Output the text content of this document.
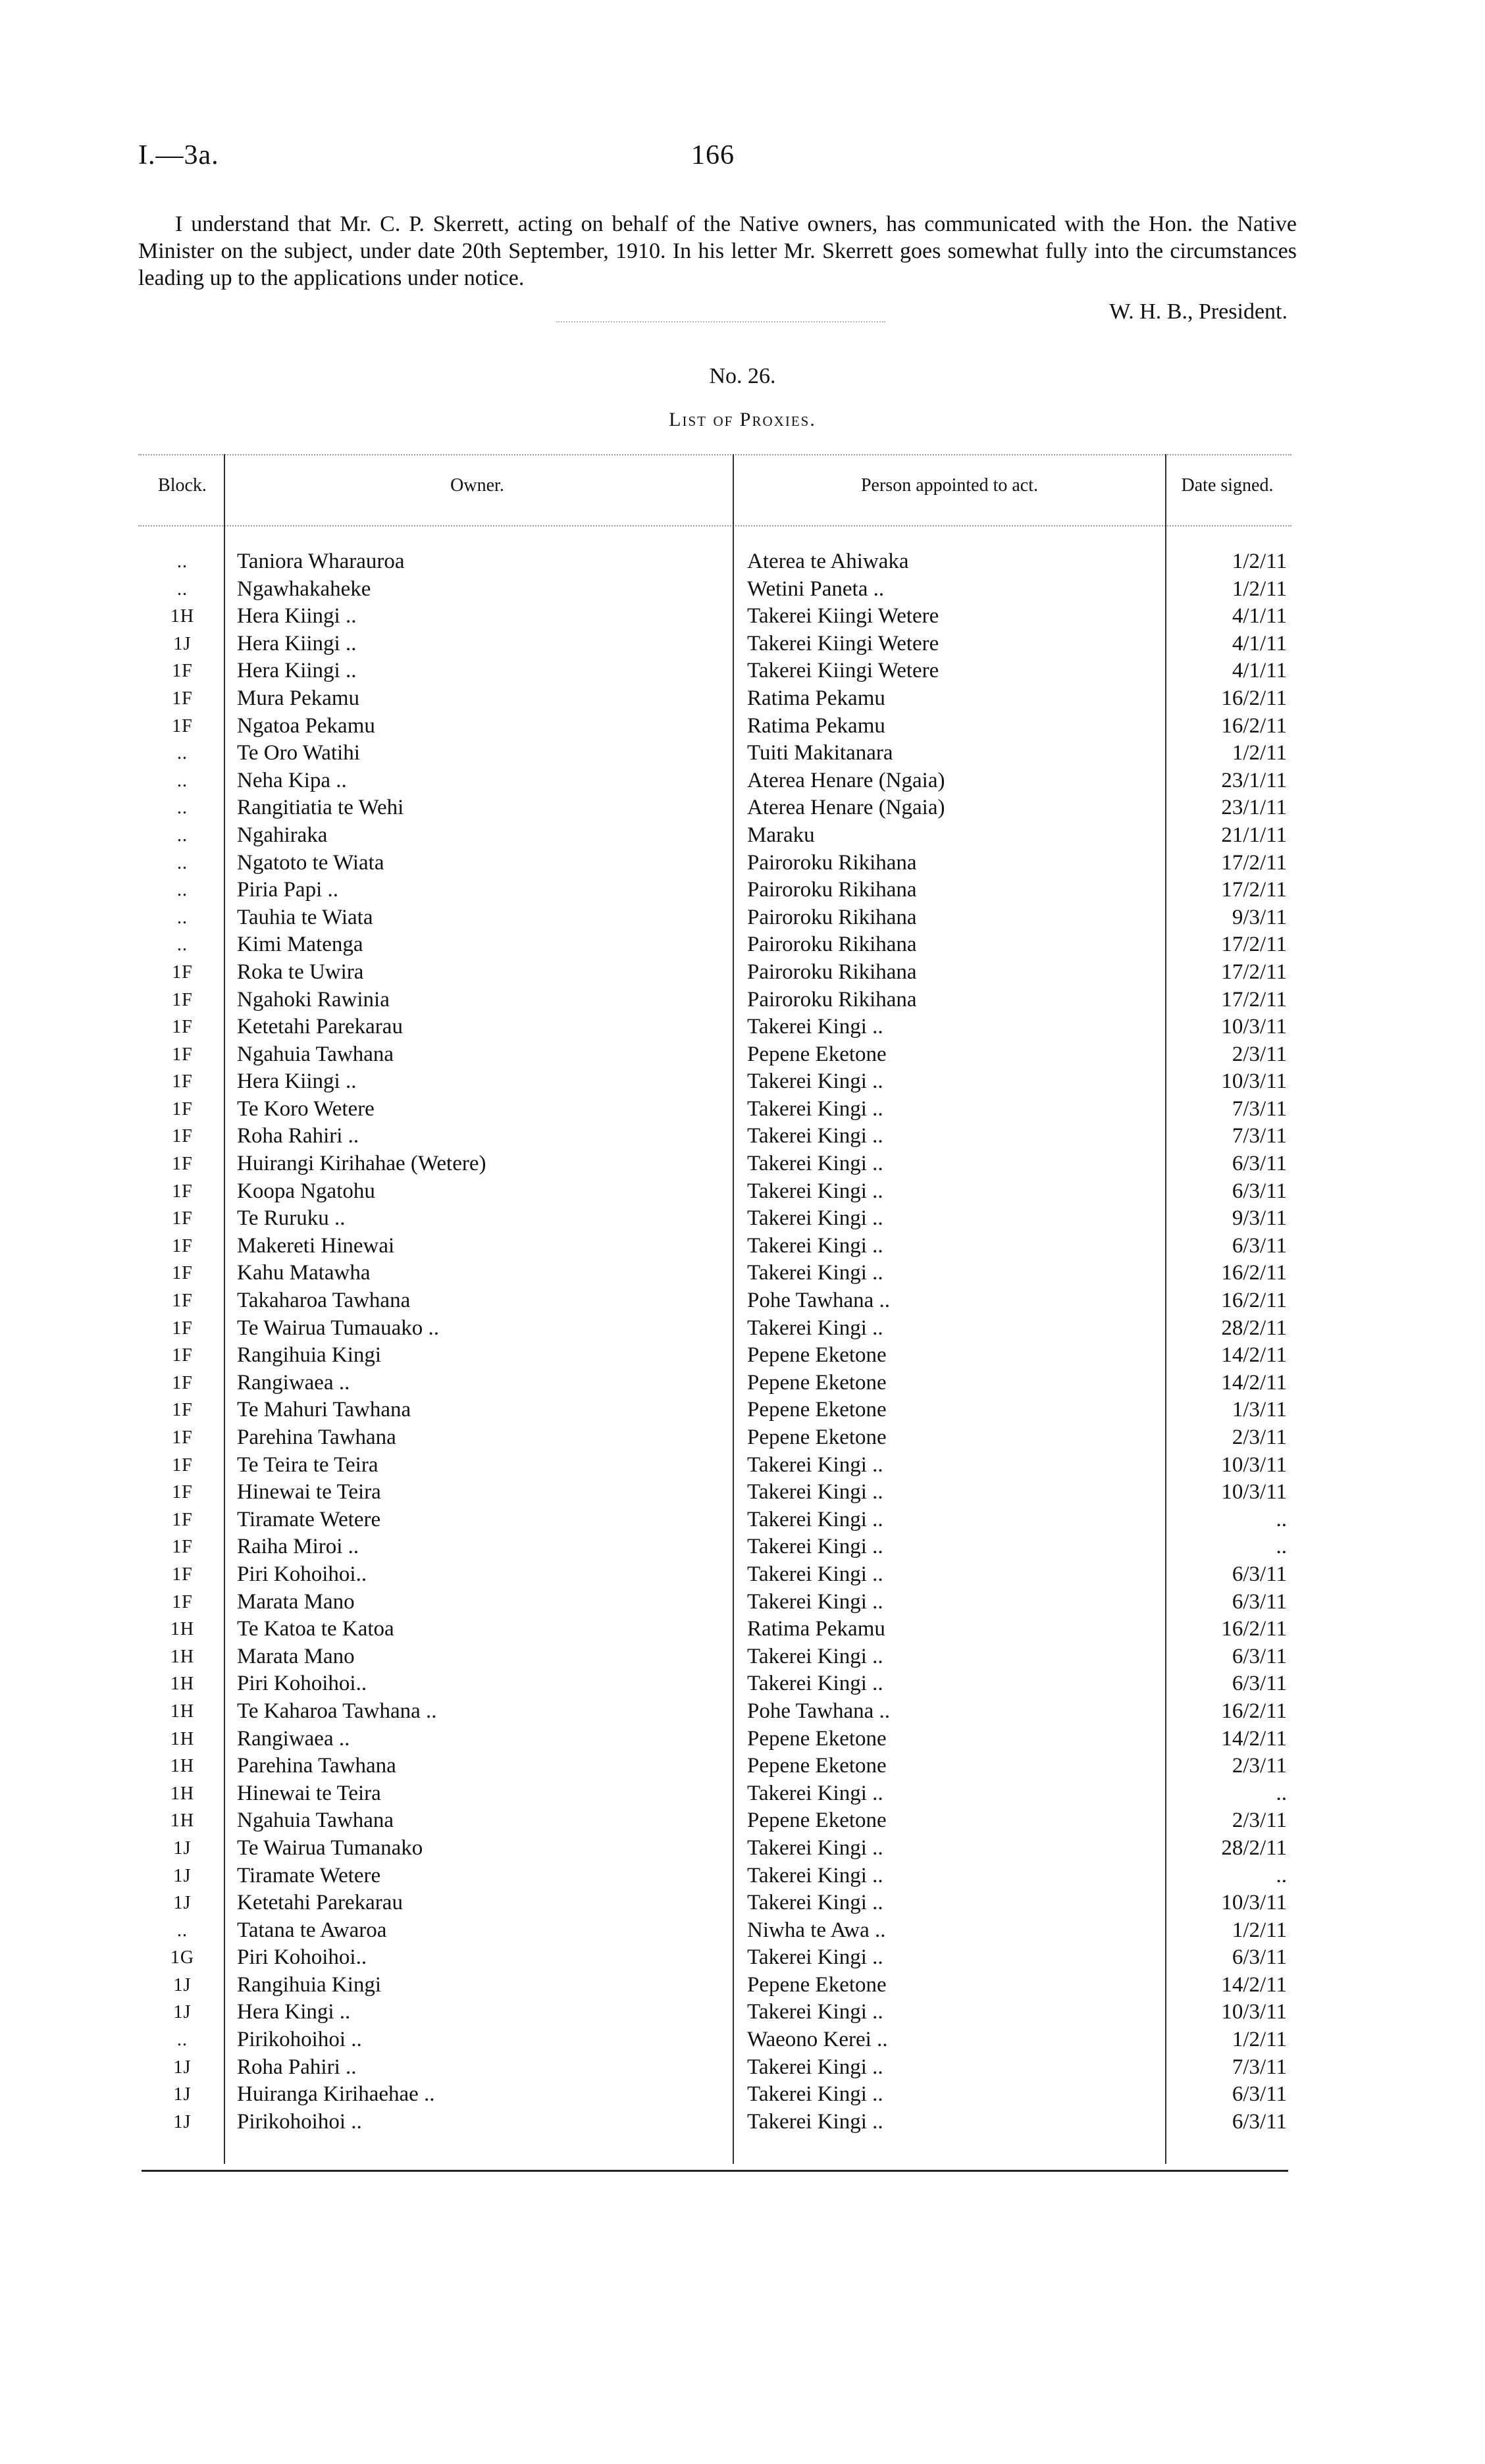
I.—3a.	166

I understand that Mr. C. P. Skerrett, acting on behalf of the Native owners, has communicated with the Hon. the Native Minister on the subject, under date 20th September, 1910. In his letter Mr. Skerrett goes somewhat fully into the circumstances leading up to the applications under notice.

W. H. B., President.
No. 26.
List of Proxies.
Block.	Owner.	Person appointed to act.	Date signed.
..	Taniora Wharauroa	Aterea te Ahiwaka	1/2/11
..	Ngawhakaheke	Wetini Paneta ..	1/2/11
1H	Hera Kiingi ..	Takerei Kiingi Wetere	4/1/11
1J	Hera Kiingi ..	Takerei Kiingi Wetere	4/1/11
1F	Hera Kiingi ..	Takerei Kiingi Wetere	4/1/11
1F	Mura Pekamu	Ratima Pekamu	16/2/11
1F	Ngatoa Pekamu	Ratima Pekamu	16/2/11
..	Te Oro Watihi	Tuiti Makitanara	1/2/11
..	Neha Kipa ..	Aterea Henare (Ngaia)	23/1/11
..	Rangitiatia te Wehi	Aterea Henare (Ngaia)	23/1/11
..	Ngahiraka	Maraku	21/1/11
..	Ngatoto te Wiata	Pairoroku Rikihana	17/2/11
..	Piria Papi ..	Pairoroku Rikihana	17/2/11
..	Tauhia te Wiata	Pairoroku Rikihana	9/3/11
..	Kimi Matenga	Pairoroku Rikihana	17/2/11
1F	Roka te Uwira	Pairoroku Rikihana	17/2/11
1F	Ngahoki Rawinia	Pairoroku Rikihana	17/2/11
1F	Ketetahi Parekarau	Takerei Kingi ..	10/3/11
1F	Ngahuia Tawhana	Pepene Eketone	2/3/11
1F	Hera Kiingi ..	Takerei Kingi ..	10/3/11
1F	Te Koro Wetere	Takerei Kingi ..	7/3/11
1F	Roha Rahiri ..	Takerei Kingi ..	7/3/11
1F	Huirangi Kirihahae (Wetere)	Takerei Kingi ..	6/3/11
1F	Koopa Ngatohu	Takerei Kingi ..	6/3/11
1F	Te Ruruku ..	Takerei Kingi ..	9/3/11
1F	Makereti Hinewai	Takerei Kingi ..	6/3/11
1F	Kahu Matawha	Takerei Kingi ..	16/2/11
1F	Takaharoa Tawhana	Pohe Tawhana ..	16/2/11
1F	Te Wairua Tumauako ..	Takerei Kingi ..	28/2/11
1F	Rangihuia Kingi	Pepene Eketone	14/2/11
1F	Rangiwaea ..	Pepene Eketone	14/2/11
1F	Te Mahuri Tawhana	Pepene Eketone	1/3/11
1F	Parehina Tawhana	Pepene Eketone	2/3/11
1F	Te Teira te Teira	Takerei Kingi ..	10/3/11
1F	Hinewai te Teira	Takerei Kingi ..	10/3/11
1F	Tiramate Wetere	Takerei Kingi ..	..
1F	Raiha Miroi ..	Takerei Kingi ..	..
1F	Piri Kohoihoi..	Takerei Kingi ..	6/3/11
1F	Marata Mano	Takerei Kingi ..	6/3/11
1H	Te Katoa te Katoa	Ratima Pekamu	16/2/11
1H	Marata Mano	Takerei Kingi ..	6/3/11
1H	Piri Kohoihoi..	Takerei Kingi ..	6/3/11
1H	Te Kaharoa Tawhana ..	Pohe Tawhana ..	16/2/11
1H	Rangiwaea ..	Pepene Eketone	14/2/11
1H	Parehina Tawhana	Pepene Eketone	2/3/11
1H	Hinewai te Teira	Takerei Kingi ..	..
1H	Ngahuia Tawhana	Pepene Eketone	2/3/11
1J	Te Wairua Tumanako	Takerei Kingi ..	28/2/11
1J	Tiramate Wetere	Takerei Kingi ..	..
1J	Ketetahi Parekarau	Takerei Kingi ..	10/3/11
..	Tatana te Awaroa	Niwha te Awa ..	1/2/11
1G	Piri Kohoihoi..	Takerei Kingi ..	6/3/11
1J	Rangihuia Kingi	Pepene Eketone	14/2/11
1J	Hera Kingi ..	Takerei Kingi ..	10/3/11
..	Pirikohoihoi ..	Waeono Kerei ..	1/2/11
1J	Roha Pahiri ..	Takerei Kingi ..	7/3/11
1J	Huiranga Kirihaehae ..	Takerei Kingi ..	6/3/11
1J	Pirikohoihoi ..	Takerei Kingi ..	6/3/11
